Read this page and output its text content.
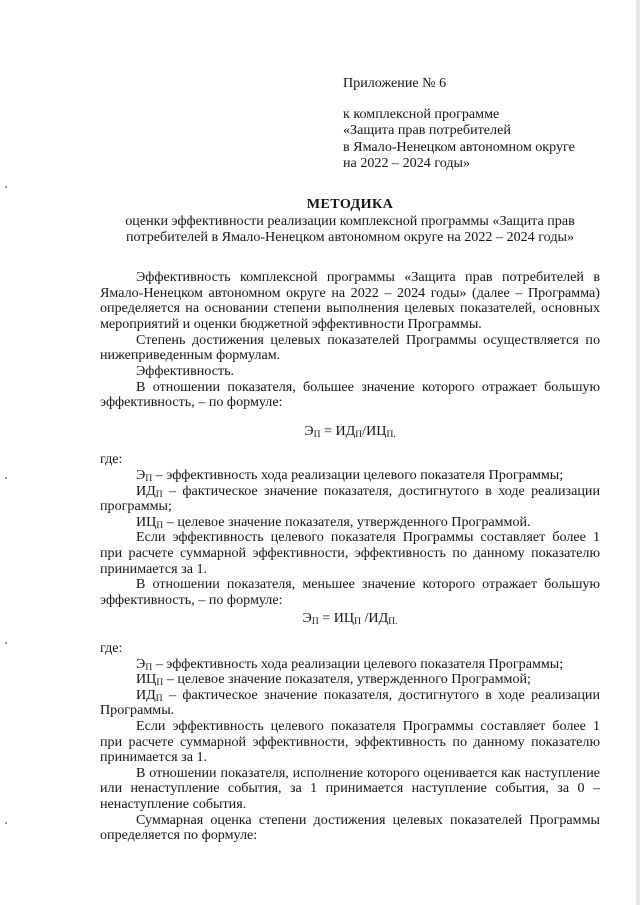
Приложение № 6
к комплексной программе
«Защита прав потребителей
в Ямало-Ненецком автономном округе
на 2022 – 2024 годы»
МЕТОДИКА
оценки эффективности реализации комплексной программы «Защита прав
потребителей в Ямало-Ненецком автономном округе на 2022 – 2024 годы»

Эффективность комплексной программы «Защита прав потребителей в Ямало-Ненецком автономном округе на 2022 – 2024 годы» (далее – Программа) определяется на основании степени выполнения целевых показателей, основных мероприятий и оценки бюджетной эффективности Программы.

Степень достижения целевых показателей Программы осуществляется по нижеприведенным формулам.

Эффективность.

В отношении показателя, большее значение которого отражает большую эффективность, – по формуле:

$Э_П = ИД_П/ИЦ_{П.}$

где:

$Э_П$ – эффективность хода реализации целевого показателя Программы;

$ИД_П$ – фактическое значение показателя, достигнутого в ходе реализации программы;

$ИЦ_П$ – целевое значение показателя, утвержденного Программой.

Если эффективность целевого показателя Программы составляет более 1 при расчете суммарной эффективности, эффективность по данному показателю принимается за 1.

В отношении показателя, меньшее значение которого отражает большую эффективность, – по формуле:

$Э_П = ИЦ_П$ $/ИД_{П.}$

где:

$Э_П$ – эффективность хода реализации целевого показателя Программы;

$ИЦ_П$ – целевое значение показателя, утвержденного Программой;

$ИД_П$ – фактическое значение показателя, достигнутого в ходе реализации Программы.

Если эффективность целевого показателя Программы составляет более 1 при расчете суммарной эффективности, эффективность по данному показателю принимается за 1.

В отношении показателя, исполнение которого оценивается как наступление или ненаступление события, за 1 принимается наступление события, за 0 – ненаступление события.

Суммарная оценка степени достижения целевых показателей Программы определяется по формуле:
